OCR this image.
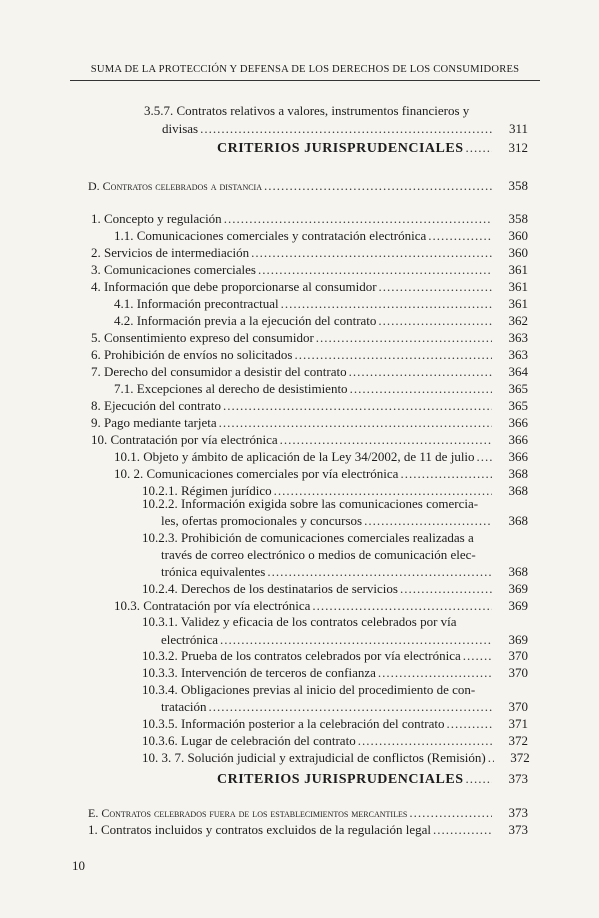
SUMA DE LA PROTECCIÓN Y DEFENSA DE LOS DERECHOS DE LOS CONSUMIDORES
3.5.7. Contratos relativos a valores, instrumentos financieros y
divisas .....	311
CRITERIOS JURISPRUDENCIALES .....	312
D. Contratos celebrados a distancia .....	358
1. Concepto y regulación .....	358
1.1. Comunicaciones comerciales y contratación electrónica .....	360
2. Servicios de intermediación .....	360
3. Comunicaciones comerciales .....	361
4. Información que debe proporcionarse al consumidor .....	361
4.1. Información precontractual .....	361
4.2. Información previa a la ejecución del contrato .....	362
5. Consentimiento expreso del consumidor .....	363
6. Prohibición de envíos no solicitados .....	363
7. Derecho del consumidor a desistir del contrato .....	364
7.1. Excepciones al derecho de desistimiento .....	365
8. Ejecución del contrato .....	365
9. Pago mediante tarjeta .....	366
10. Contratación por vía electrónica .....	366
10.1. Objeto y ámbito de aplicación de la Ley 34/2002, de 11 de julio .....	366
10. 2. Comunicaciones comerciales por vía electrónica .....	368
10.2.1. Régimen jurídico .....	368
10.2.2. Información exigida sobre las comunicaciones comercia-
les, ofertas promocionales y concursos .....	368
10.2.3. Prohibición de comunicaciones comerciales realizadas a
través de correo electrónico o medios de comunicación elec-
trónica equivalentes .....	368
10.2.4. Derechos de los destinatarios de servicios .....	369
10.3. Contratación por vía electrónica .....	369
10.3.1. Validez y eficacia de los contratos celebrados por vía
electrónica .....	369
10.3.2. Prueba de los contratos celebrados por vía electrónica .....	370
10.3.3. Intervención de terceros de confianza .....	370
10.3.4. Obligaciones previas al inicio del procedimiento de con-
tratación .....	370
10.3.5. Información posterior a la celebración del contrato .....	371
10.3.6. Lugar de celebración del contrato .....	372
10. 3. 7. Solución judicial y extrajudicial de conflictos (Remisión) .....	372
CRITERIOS JURISPRUDENCIALES .....	373
E. Contratos celebrados fuera de los establecimientos mercantiles .....	373
1. Contratos incluidos y contratos excluidos de la regulación legal .....	373
10
